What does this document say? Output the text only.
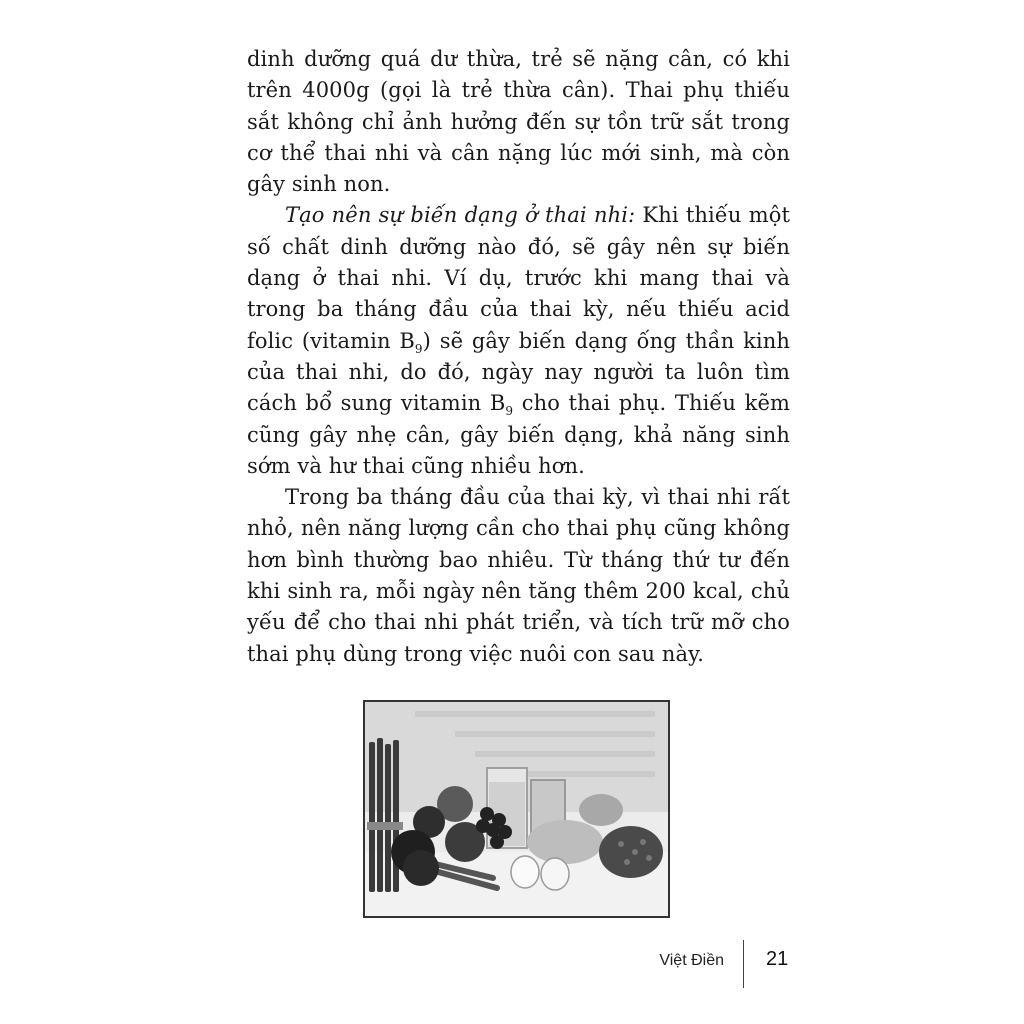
dinh dưỡng quá dư thừa, trẻ sẽ nặng cân, có khi trên 4000g (gọi là trẻ thừa cân). Thai phụ thiếu sắt không chỉ ảnh hưởng đến sự tồn trữ sắt trong cơ thể thai nhi và cân nặng lúc mới sinh, mà còn gây sinh non.

Tạo nên sự biến dạng ở thai nhi: Khi thiếu một số chất dinh dưỡng nào đó, sẽ gây nên sự biến dạng ở thai nhi. Ví dụ, trước khi mang thai và trong ba tháng đầu của thai kỳ, nếu thiếu acid folic (vitamin $B_9$) sẽ gây biến dạng ống thần kinh của thai nhi, do đó, ngày nay người ta luôn tìm cách bổ sung vitamin $B_9$ cho thai phụ. Thiếu kẽm cũng gây nhẹ cân, gây biến dạng, khả năng sinh sớm và hư thai cũng nhiều hơn.

Trong ba tháng đầu của thai kỳ, vì thai nhi rất nhỏ, nên năng lượng cần cho thai phụ cũng không hơn bình thường bao nhiêu. Từ tháng thứ tư đến khi sinh ra, mỗi ngày nên tăng thêm 200 kcal, chủ yếu để cho thai nhi phát triển, và tích trữ mỡ cho thai phụ dùng trong việc nuôi con sau này.

Việt Điền 21
